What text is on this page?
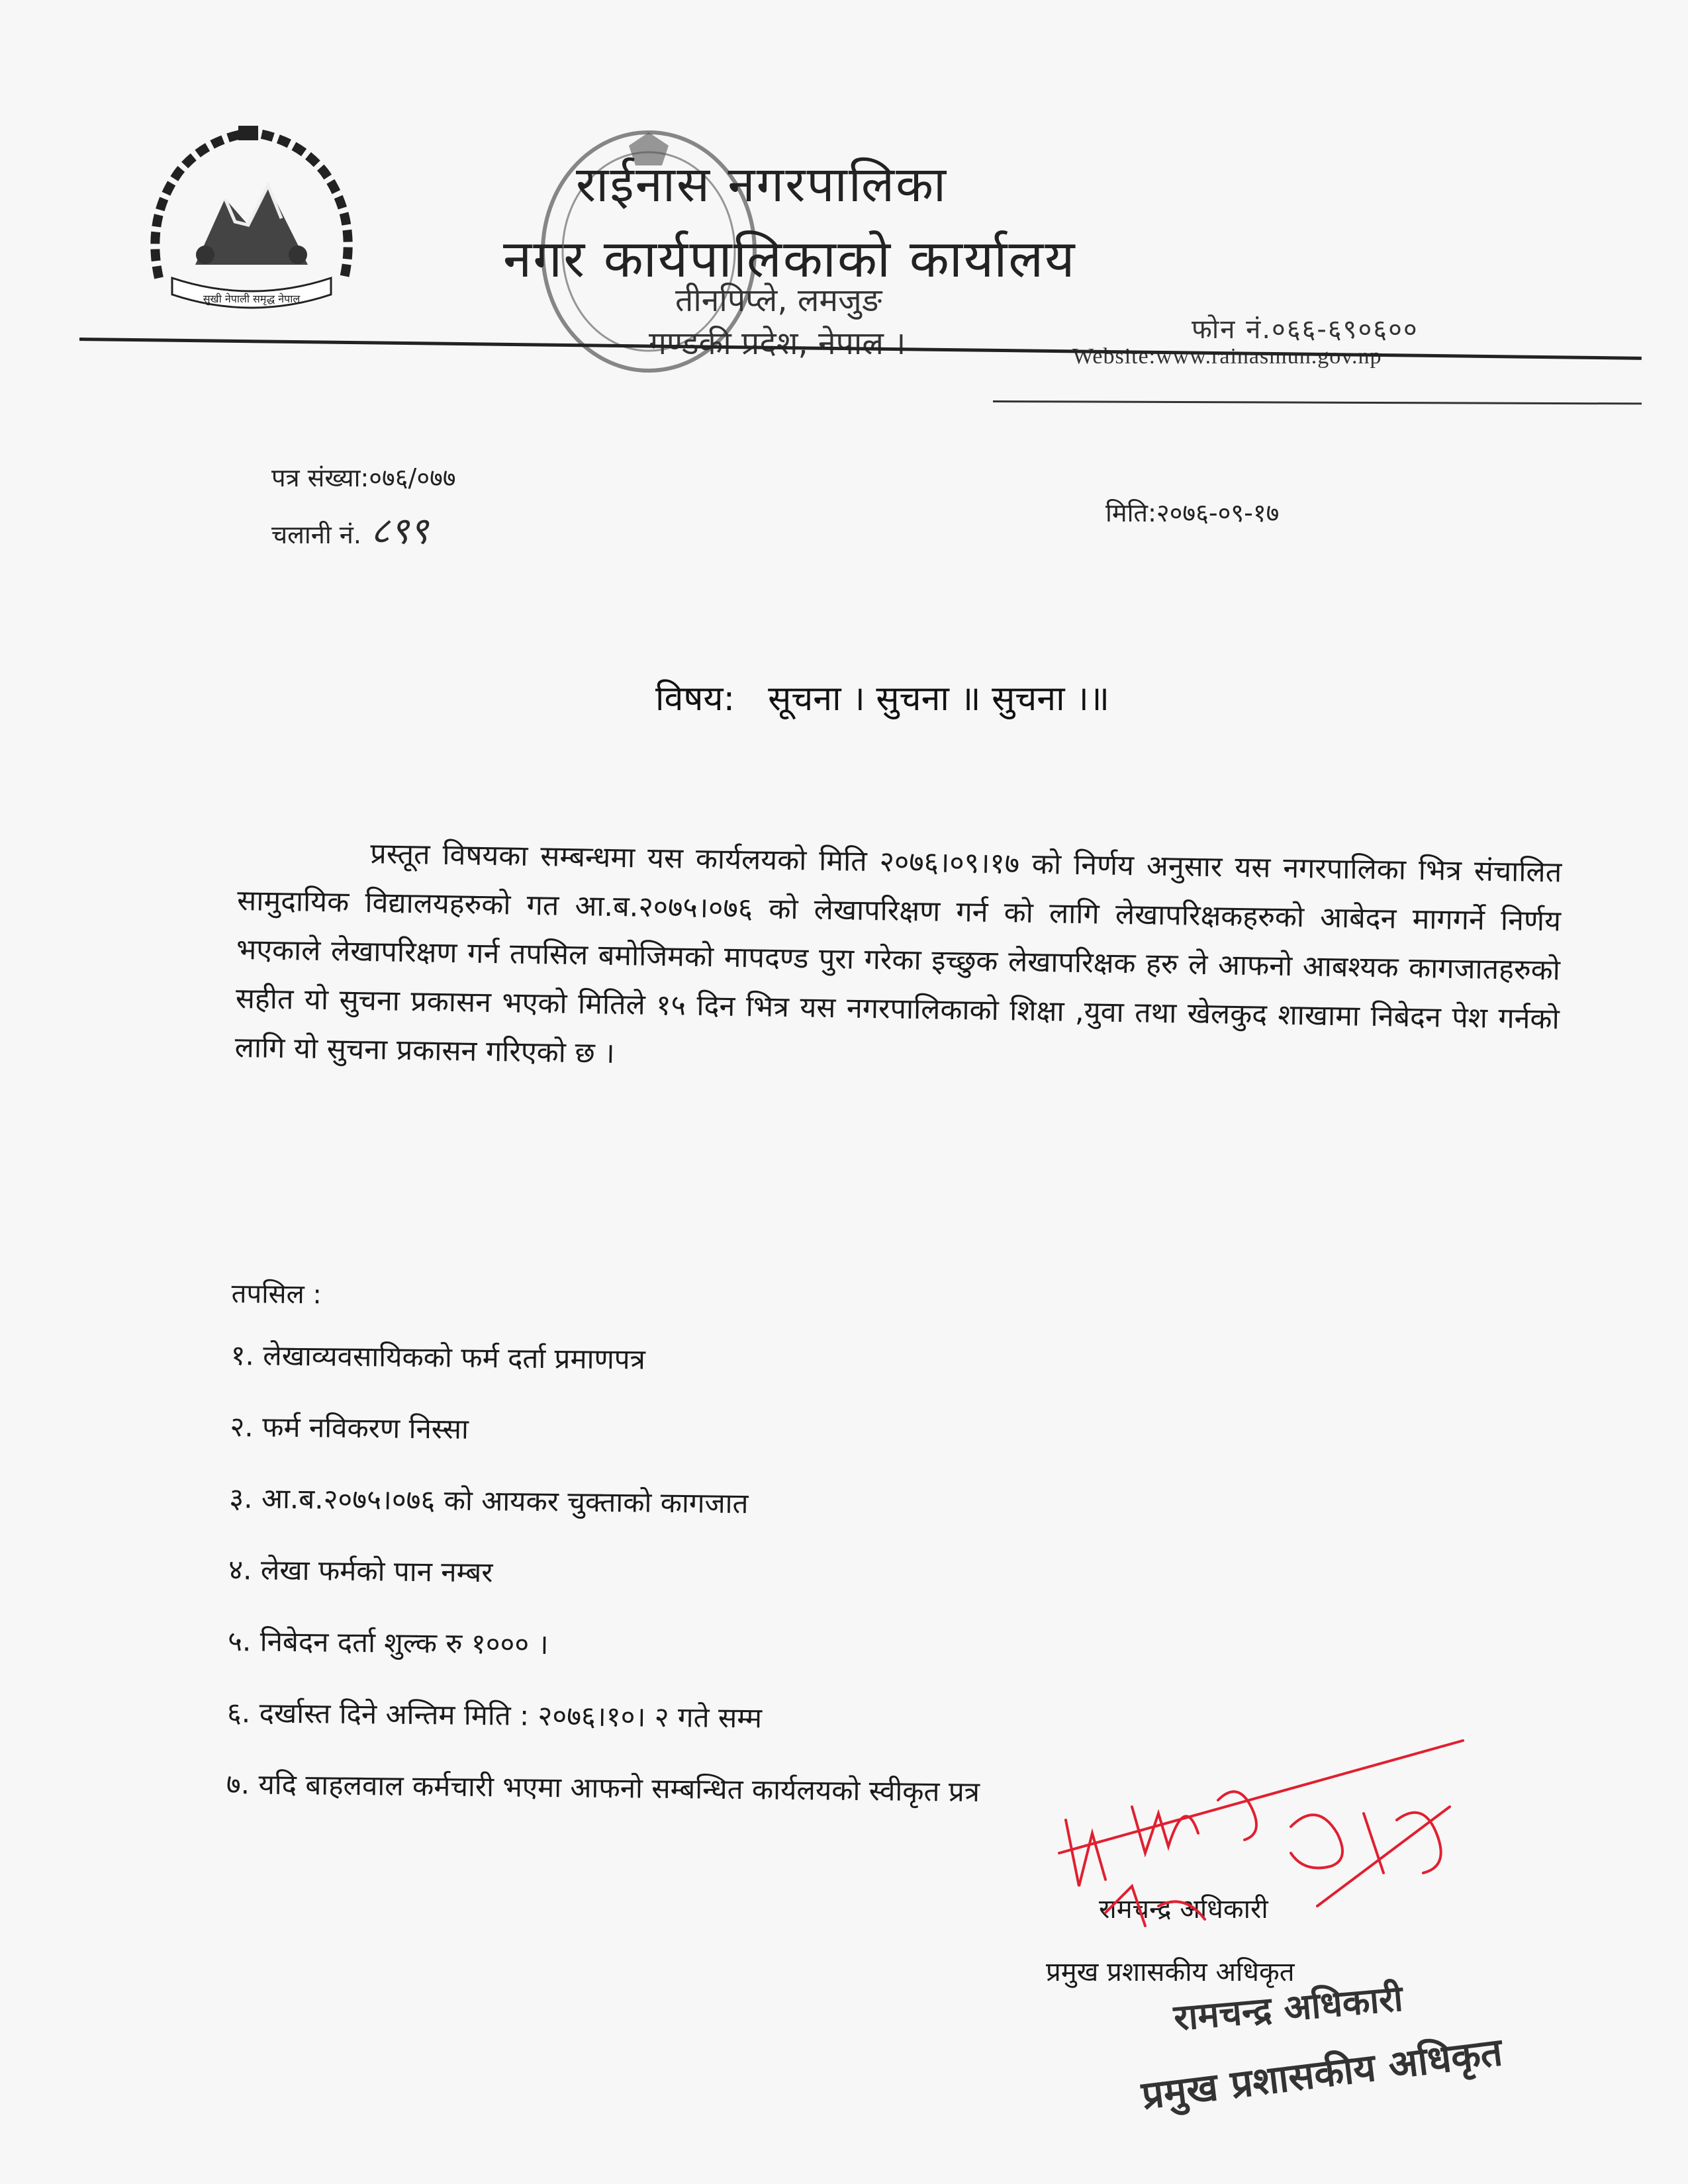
सुखी नेपाली समृद्ध नेपाल
राईनास नगरपालिका
नगर कार्यपालिकाको कार्यालय
तीनपिप्ले, लमजुङ
गण्डकी प्रदेश, नेपाल ।	फोन नं.०६६-६९०६००
Website:www.rainasmun.gov.np
पत्र संख्या:०७६/०७७
चलानी नं. ८९९	मिति:२०७६-०९-१७
विषय: सूचना । सुचना ॥ सुचना ।॥
प्रस्तूत विषयका सम्बन्धमा यस कार्यलयको मिति २०७६।०९।१७ को निर्णय अनुसार यस नगरपालिका भित्र संचालित सामुदायिक विद्यालयहरुको गत आ.ब.२०७५।०७६ को लेखापरिक्षण गर्न को लागि लेखापरिक्षकहरुको आबेदन मागगर्ने निर्णय भएकाले लेखापरिक्षण गर्न तपसिल बमोजिमको मापदण्ड पुरा गरेका इच्छुक लेखापरिक्षक हरु ले आफनो आबश्यक कागजातहरुको सहीत यो सुचना प्रकासन भएको मितिले १५ दिन भित्र यस नगरपालिकाको शिक्षा ,युवा तथा खेलकुद शाखामा निबेदन पेश गर्नको लागि यो सुचना प्रकासन गरिएको छ ।
तपसिल :
१. लेखाव्यवसायिकको फर्म दर्ता प्रमाणपत्र
२. फर्म नविकरण निस्सा
३. आ.ब.२०७५।०७६ को आयकर चुक्ताको कागजात
४. लेखा फर्मको पान नम्बर
५. निबेदन दर्ता शुल्क रु १००० ।
६. दर्खास्त दिने अन्तिम मिति : २०७६।१०। २ गते सम्म
७. यदि बाहलवाल कर्मचारी भएमा आफनो सम्बन्धित कार्यलयको स्वीकृत प्रत्र
रामचन्द्र अधिकारी
प्रमुख प्रशासकीय अधिकृत
रामचन्द्र अधिकारी
प्रमुख प्रशासकीय अधिकृत
